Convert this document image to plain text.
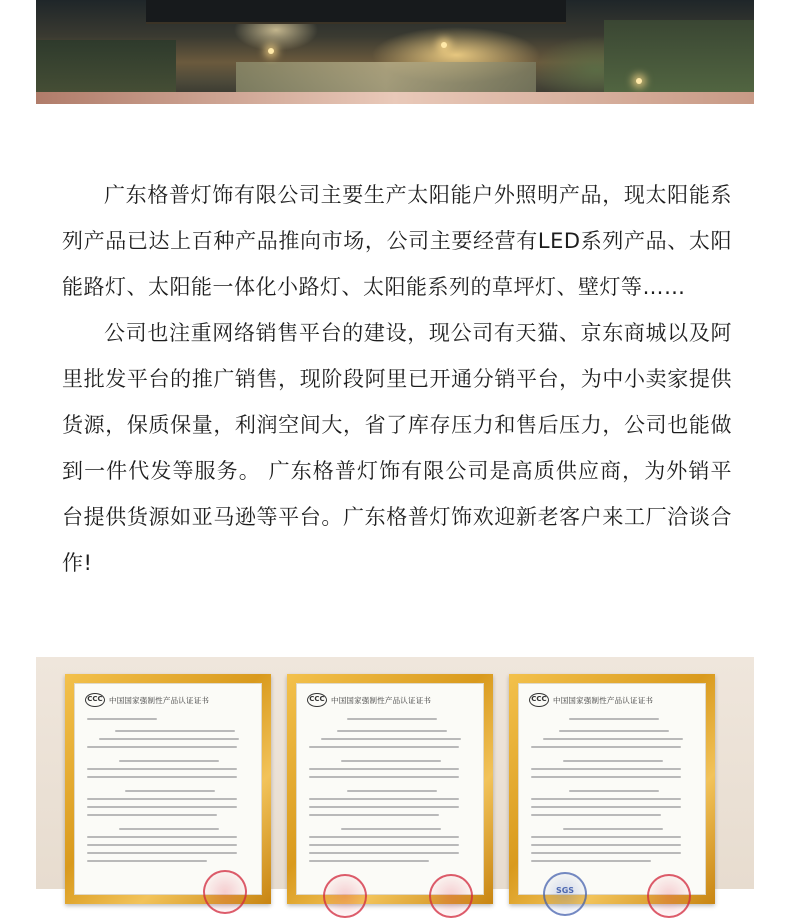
广东格普灯饰有限公司主要生产太阳能户外照明产品，现太阳能系列产品已达上百种产品推向市场，公司主要经营有LED系列产品、太阳能路灯、太阳能一体化小路灯、太阳能系列的草坪灯、壁灯等……

公司也注重网络销售平台的建设，现公司有天猫、京东商城以及阿里批发平台的推广销售，现阶段阿里已开通分销平台，为中小卖家提供货源，保质保量，利润空间大，省了库存压力和售后压力，公司也能做到一件代发等服务。 广东格普灯饰有限公司是高质供应商，为外销平台提供货源如亚马逊等平台。广东格普灯饰欢迎新老客户来工厂洽谈合作!

CCC 中国国家强制性产品认证证书	CCC 中国国家强制性产品认证证书	CCC 中国国家强制性产品认证证书
SGS
